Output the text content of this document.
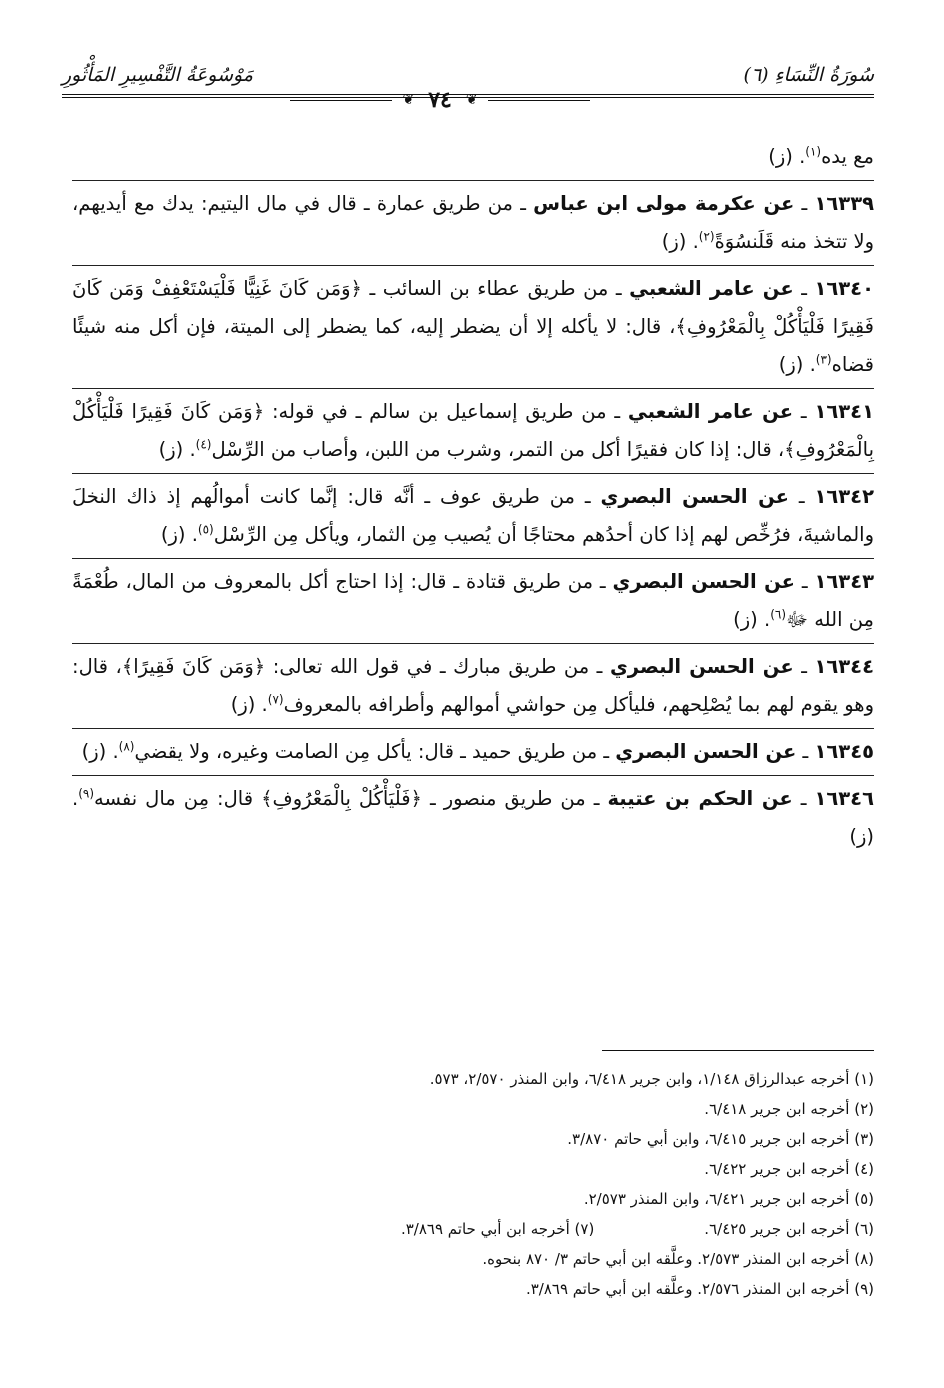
سُورَةُ النِّسَاءِ (٦)
مَوْسُوعَةُ التَّفْسِيرِ المَأْثُورِ
❦ ٧٤ ❦

مع يده$^{(١)}$. (ز)

١٦٣٣٩ ـ عن عكرمة مولى ابن عباس ـ من طريق عمارة ـ قال في مال اليتيم: يدك مع أيديهم، ولا تتخذ منه قَلَنسُوَةً$^{(٢)}$. (ز)

١٦٣٤٠ ـ عن عامر الشعبي ـ من طريق عطاء بن السائب ـ ﴿وَمَن كَانَ غَنِيًّا فَلْيَسْتَعْفِفْ وَمَن كَانَ فَقِيرًا فَلْيَأْكُلْ بِالْمَعْرُوفِ﴾، قال: لا يأكله إلا أن يضطر إليه، كما يضطر إلى الميتة، فإن أكل منه شيئًا قضاه$^{(٣)}$. (ز)

١٦٣٤١ ـ عن عامر الشعبي ـ من طريق إسماعيل بن سالم ـ في قوله: ﴿وَمَن كَانَ فَقِيرًا فَلْيَأْكُلْ بِالْمَعْرُوفِ﴾، قال: إذا كان فقيرًا أكل من التمر، وشرب من اللبن، وأصاب من الرِّسْل$^{(٤)}$. (ز)

١٦٣٤٢ ـ عن الحسن البصري ـ من طريق عوف ـ أنَّه قال: إنَّما كانت أموالُهم إذ ذاك النخلَ والماشيةَ، فرُخِّص لهم إذا كان أحدُهم محتاجًا أن يُصيب مِن الثمار، ويأكل مِن الرِّسْل$^{(٥)}$. (ز)

١٦٣٤٣ ـ عن الحسن البصري ـ من طريق قتادة ـ قال: إذا احتاج أكل بالمعروف من المال، طُعْمَةً مِن الله ﷻ$^{(٦)}$. (ز)

١٦٣٤٤ ـ عن الحسن البصري ـ من طريق مبارك ـ في قول الله تعالى: ﴿وَمَن كَانَ فَقِيرًا﴾، قال: وهو يقوم لهم بما يُصْلِحهم، فليأكل مِن حواشي أموالهم وأطرافه بالمعروف$^{(٧)}$. (ز)

١٦٣٤٥ ـ عن الحسن البصري ـ من طريق حميد ـ قال: يأكل مِن الصامت وغيره، ولا يقضي$^{(٨)}$. (ز)

١٦٣٤٦ ـ عن الحكم بن عتيبة ـ من طريق منصور ـ ﴿فَلْيَأْكُلْ بِالْمَعْرُوفِ﴾ قال: مِن مال نفسه$^{(٩)}$. (ز)

(١) أخرجه عبدالرزاق ١/١٤٨، وابن جرير ٦/٤١٨، وابن المنذر ٢/٥٧٠، ٥٧٣.
(٢) أخرجه ابن جرير ٦/٤١٨.
(٣) أخرجه ابن جرير ٦/٤١٥، وابن أبي حاتم ٣/٨٧٠.
(٤) أخرجه ابن جرير ٦/٤٢٢.
(٥) أخرجه ابن جرير ٦/٤٢١، وابن المنذر ٢/٥٧٣.
(٦) أخرجه ابن جرير ٦/٤٢٥.
(٧) أخرجه ابن أبي حاتم ٣/٨٦٩.
(٨) أخرجه ابن المنذر ٢/٥٧٣. وعلَّقه ابن أبي حاتم ٣/ ٨٧٠ بنحوه.
(٩) أخرجه ابن المنذر ٢/٥٧٦. وعلَّقه ابن أبي حاتم ٣/٨٦٩.
